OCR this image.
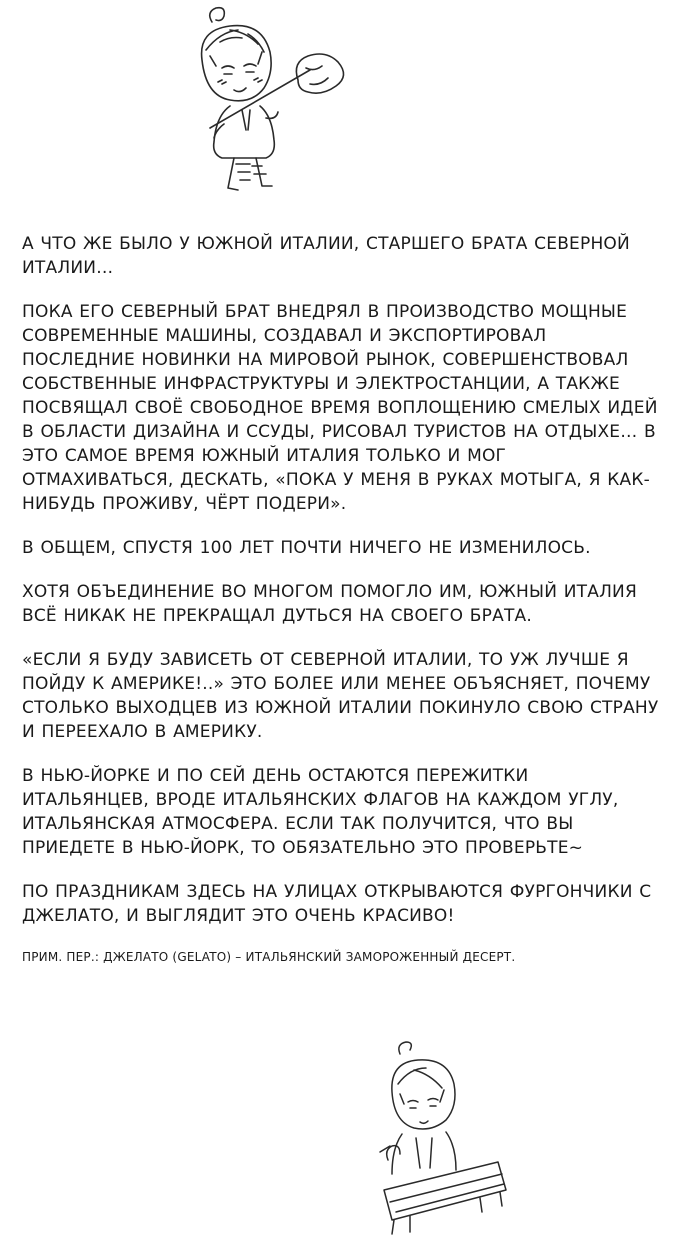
А ЧТО ЖЕ БЫЛО У ЮЖНОЙ ИТАЛИИ, СТАРШЕГО БРАТА СЕВЕРНОЙ ИТАЛИИ…

ПОКА ЕГО СЕВЕРНЫЙ БРАТ ВНЕДРЯЛ В ПРОИЗВОДСТВО МОЩНЫЕ СОВРЕМЕННЫЕ МАШИНЫ, СОЗДАВАЛ И ЭКСПОРТИРОВАЛ ПОСЛЕДНИЕ НОВИНКИ НА МИРОВОЙ РЫНОК, СОВЕРШЕНСТВОВАЛ СОБСТВЕННЫЕ ИНФРАСТРУКТУРЫ И ЭЛЕКТРОСТАНЦИИ, А ТАКЖЕ ПОСВЯЩАЛ СВОЁ СВОБОДНОЕ ВРЕМЯ ВОПЛОЩЕНИЮ СМЕЛЫХ ИДЕЙ В ОБЛАСТИ ДИЗАЙНА И ССУДЫ, РИСОВАЛ ТУРИСТОВ НА ОТДЫХЕ… В ЭТО САМОЕ ВРЕМЯ ЮЖНЫЙ ИТАЛИЯ ТОЛЬКО И МОГ ОТМАХИВАТЬСЯ, ДЕСКАТЬ, «ПОКА У МЕНЯ В РУКАХ МОТЫГА, Я КАК-НИБУДЬ ПРОЖИВУ, ЧЁРТ ПОДЕРИ».

В ОБЩЕМ, СПУСТЯ 100 ЛЕТ ПОЧТИ НИЧЕГО НЕ ИЗМЕНИЛОСЬ.

ХОТЯ ОБЪЕДИНЕНИЕ ВО МНОГОМ ПОМОГЛО ИМ, ЮЖНЫЙ ИТАЛИЯ ВСЁ НИКАК НЕ ПРЕКРАЩАЛ ДУТЬСЯ НА СВОЕГО БРАТА.

«ЕСЛИ Я БУДУ ЗАВИСЕТЬ ОТ СЕВЕРНОЙ ИТАЛИИ, ТО УЖ ЛУЧШЕ Я ПОЙДУ К АМЕРИКЕ!..» ЭТО БОЛЕЕ ИЛИ МЕНЕЕ ОБЪЯСНЯЕТ, ПОЧЕМУ СТОЛЬКО ВЫХОДЦЕВ ИЗ ЮЖНОЙ ИТАЛИИ ПОКИНУЛО СВОЮ СТРАНУ И ПЕРЕЕХАЛО В АМЕРИКУ.

В НЬЮ-ЙОРКЕ И ПО СЕЙ ДЕНЬ ОСТАЮТСЯ ПЕРЕЖИТКИ ИТАЛЬЯНЦЕВ, ВРОДЕ ИТАЛЬЯНСКИХ ФЛАГОВ НА КАЖДОМ УГЛУ, ИТАЛЬЯНСКАЯ АТМОСФЕРА. ЕСЛИ ТАК ПОЛУЧИТСЯ, ЧТО ВЫ ПРИЕДЕТЕ В НЬЮ-ЙОРК, ТО ОБЯЗАТЕЛЬНО ЭТО ПРОВЕРЬТЕ~

ПО ПРАЗДНИКАМ ЗДЕСЬ НА УЛИЦАХ ОТКРЫВАЮТСЯ ФУРГОНЧИКИ С ДЖЕЛАТО, И ВЫГЛЯДИТ ЭТО ОЧЕНЬ КРАСИВО!

ПРИМ. ПЕР.: ДЖЕЛАТО (GELATO) – ИТАЛЬЯНСКИЙ ЗАМОРОЖЕННЫЙ ДЕСЕРТ.
